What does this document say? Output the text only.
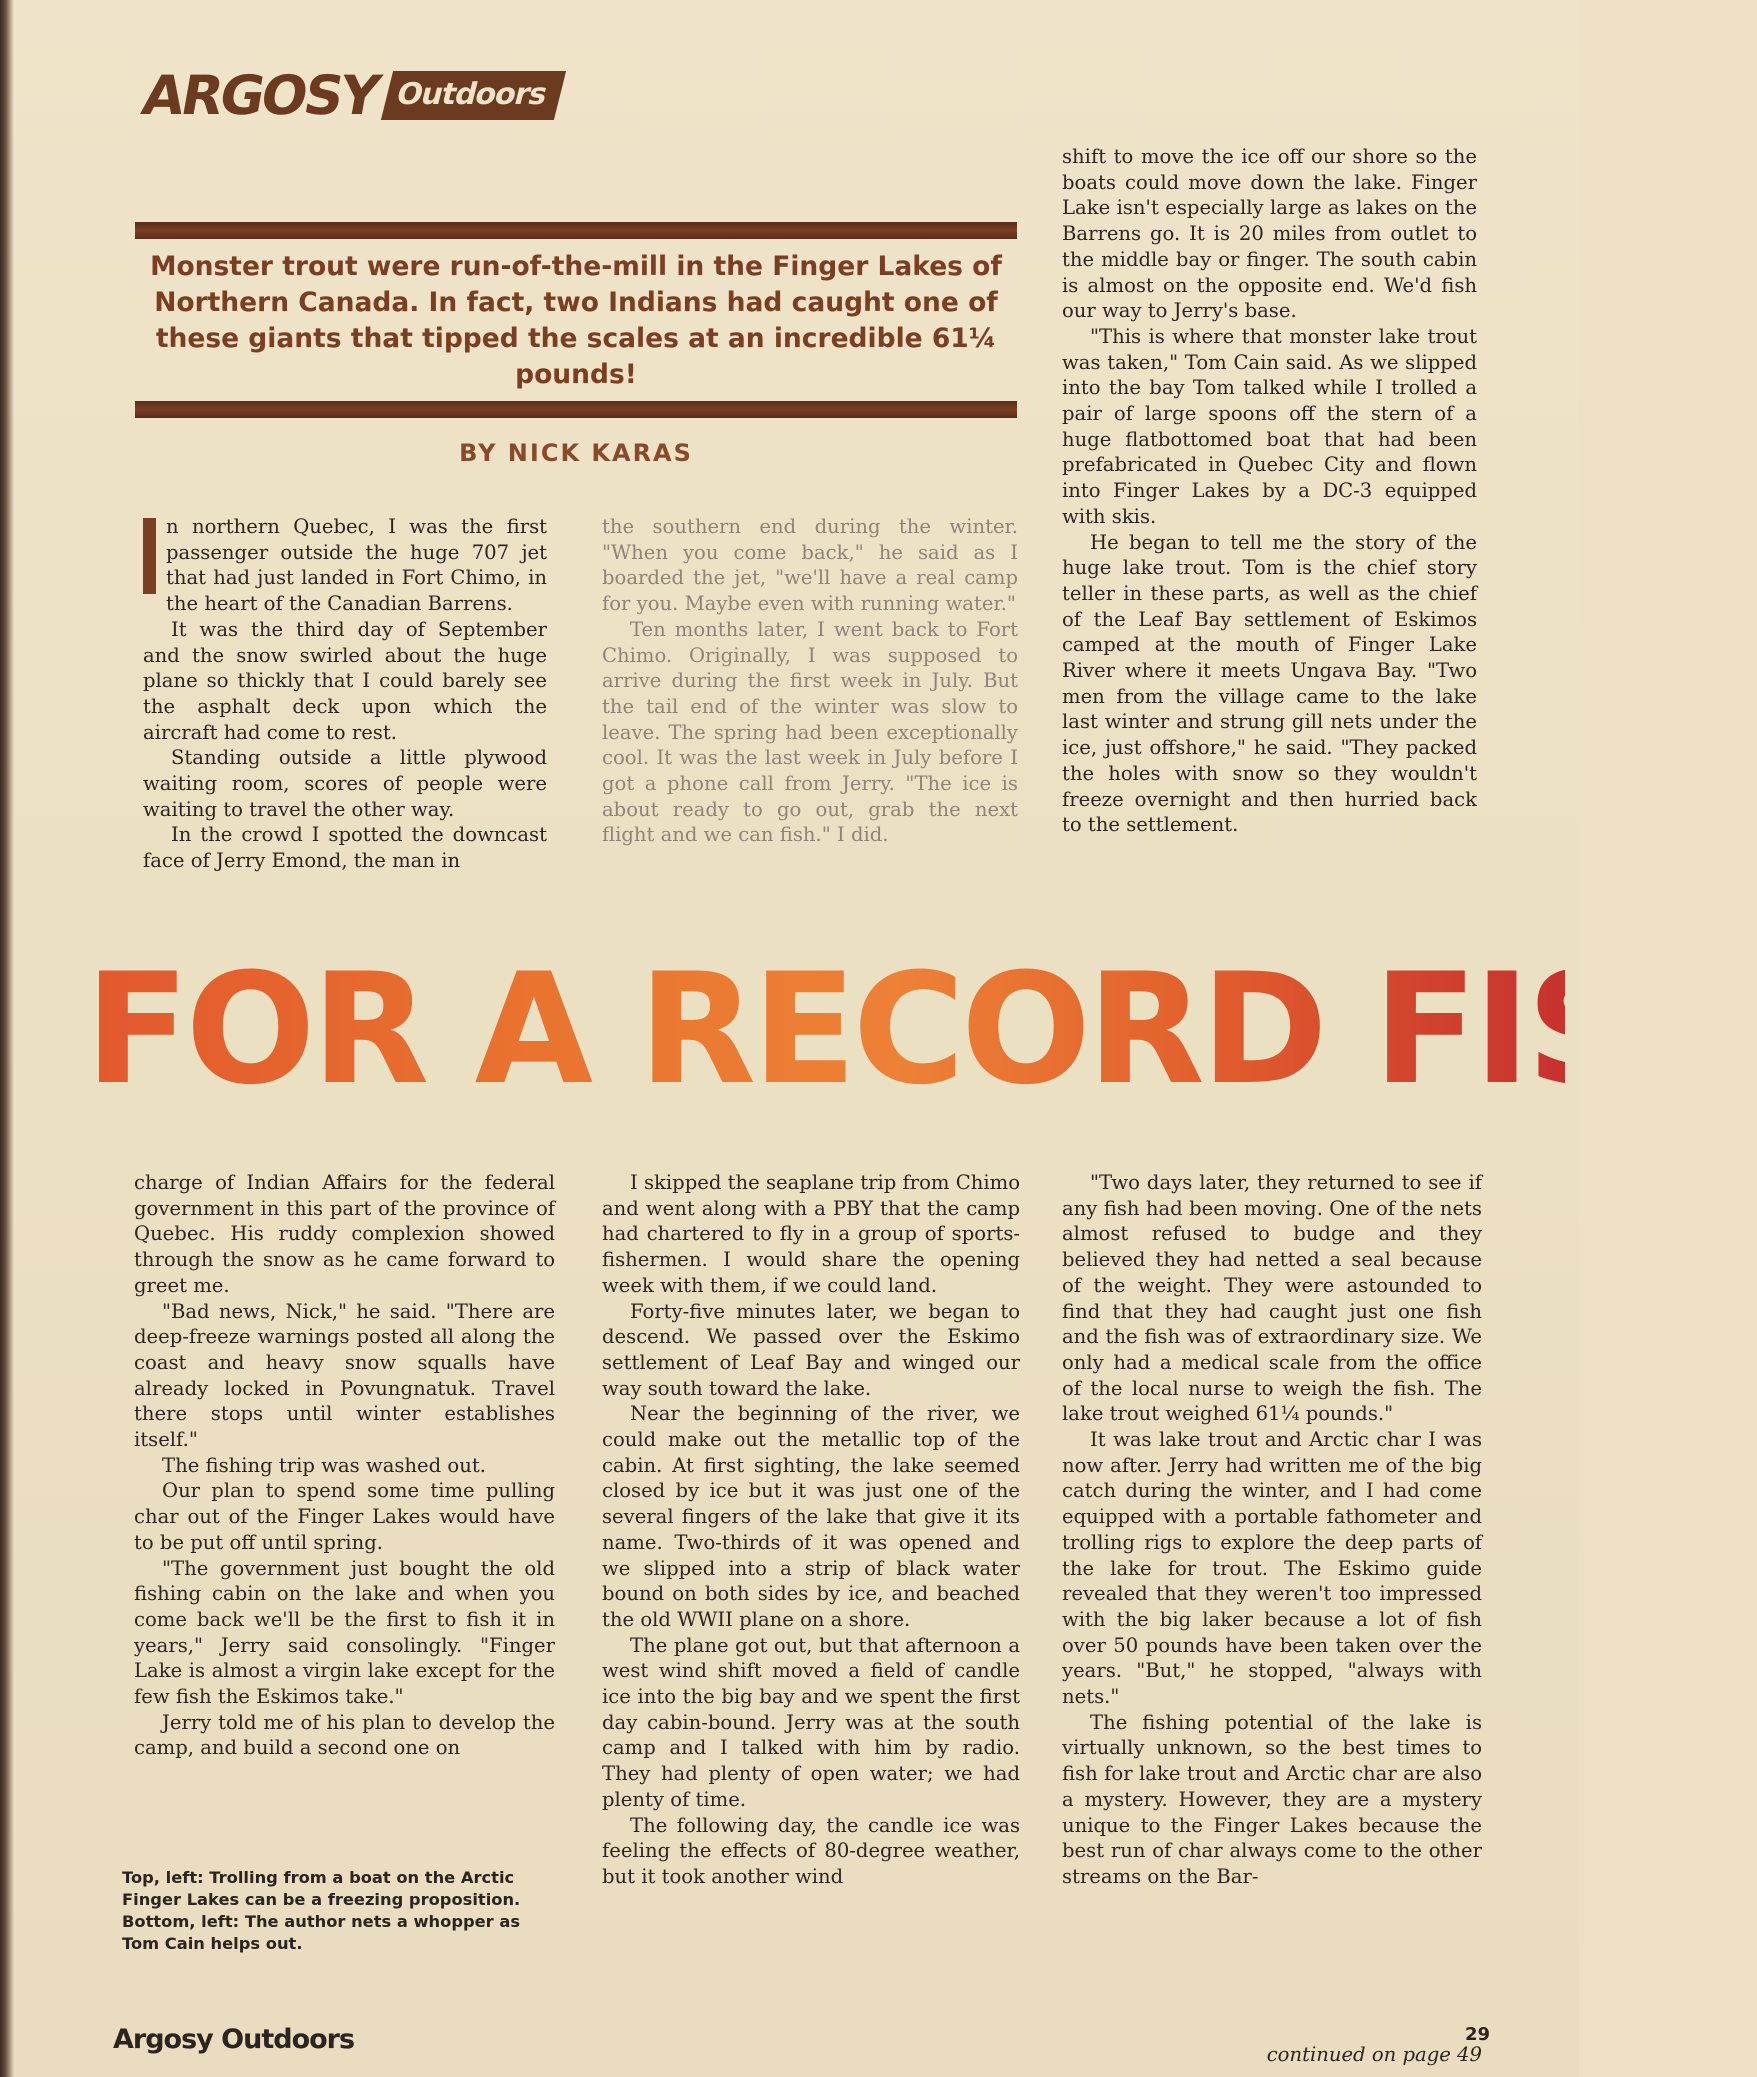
ARGOSY Outdoors
Monster trout were run-of-the-mill in the Finger Lakes of Northern Canada. In fact, two Indians had caught one of these giants that tipped the scales at an incredible 61¼ pounds!
BY NICK KARAS

n northern Quebec, I was the first passenger outside the huge 707 jet that had just landed in Fort Chimo, in the heart of the Canadian Barrens.

It was the third day of September and the snow swirled about the huge plane so thickly that I could barely see the asphalt deck upon which the aircraft had come to rest.

Standing outside a little plywood waiting room, scores of people were waiting to travel the other way.

In the crowd I spotted the downcast face of Jerry Emond, the man in

the southern end during the winter. "When you come back," he said as I boarded the jet, "we'll have a real camp for you. Maybe even with running water."

Ten months later, I went back to Fort Chimo. Originally, I was supposed to arrive during the first week in July. But the tail end of the winter was slow to leave. The spring had been exceptionally cool. It was the last week in July before I got a phone call from Jerry. "The ice is about ready to go out, grab the next flight and we can fish." I did.

shift to move the ice off our shore so the boats could move down the lake. Finger Lake isn't especially large as lakes on the Barrens go. It is 20 miles from outlet to the middle bay or finger. The south cabin is almost on the opposite end. We'd fish our way to Jerry's base.

"This is where that monster lake trout was taken," Tom Cain said. As we slipped into the bay Tom talked while I trolled a pair of large spoons off the stern of a huge flatbottomed boat that had been prefabricated in Quebec City and flown into Finger Lakes by a DC-3 equipped with skis.

He began to tell me the story of the huge lake trout. Tom is the chief story teller in these parts, as well as the chief of the Leaf Bay settlement of Eskimos camped at the mouth of Finger Lake River where it meets Ungava Bay. "Two men from the village came to the lake last winter and strung gill nets under the ice, just offshore," he said. "They packed the holes with snow so they wouldn't freeze overnight and then hurried back to the settlement.

FOR A RECORD FISH

charge of Indian Affairs for the federal government in this part of the province of Quebec. His ruddy complexion showed through the snow as he came forward to greet me.

"Bad news, Nick," he said. "There are deep-freeze warnings posted all along the coast and heavy snow squalls have already locked in Povungnatuk. Travel there stops until winter establishes itself."

The fishing trip was washed out.

Our plan to spend some time pulling char out of the Finger Lakes would have to be put off until spring.

"The government just bought the old fishing cabin on the lake and when you come back we'll be the first to fish it in years," Jerry said consolingly. "Finger Lake is almost a virgin lake except for the few fish the Eskimos take."

Jerry told me of his plan to develop the camp, and build a second one on

Top, left: Trolling from a boat on the Arctic Finger Lakes can be a freezing proposition. Bottom, left: The author nets a whopper as Tom Cain helps out.

I skipped the seaplane trip from Chimo and went along with a PBY that the camp had chartered to fly in a group of sports-fishermen. I would share the opening week with them, if we could land.

Forty-five minutes later, we began to descend. We passed over the Eskimo settlement of Leaf Bay and winged our way south toward the lake.

Near the beginning of the river, we could make out the metallic top of the cabin. At first sighting, the lake seemed closed by ice but it was just one of the several fingers of the lake that give it its name. Two-thirds of it was opened and we slipped into a strip of black water bound on both sides by ice, and beached the old WWII plane on a shore.

The plane got out, but that afternoon a west wind shift moved a field of candle ice into the big bay and we spent the first day cabin-bound. Jerry was at the south camp and I talked with him by radio. They had plenty of open water; we had plenty of time.

The following day, the candle ice was feeling the effects of 80-degree weather, but it took another wind

"Two days later, they returned to see if any fish had been moving. One of the nets almost refused to budge and they believed they had netted a seal because of the weight. They were astounded to find that they had caught just one fish and the fish was of extraordinary size. We only had a medical scale from the office of the local nurse to weigh the fish. The lake trout weighed 61¼ pounds."

It was lake trout and Arctic char I was now after. Jerry had written me of the big catch during the winter, and I had come equipped with a portable fathometer and trolling rigs to explore the deep parts of the lake for trout. The Eskimo guide revealed that they weren't too impressed with the big laker because a lot of fish over 50 pounds have been taken over the years. "But," he stopped, "always with nets."

The fishing potential of the lake is virtually unknown, so the best times to fish for lake trout and Arctic char are also a mystery. However, they are a mystery unique to the Finger Lakes because the best run of char always come to the other streams on the Bar-

continued on page 49
Argosy Outdoors	29
